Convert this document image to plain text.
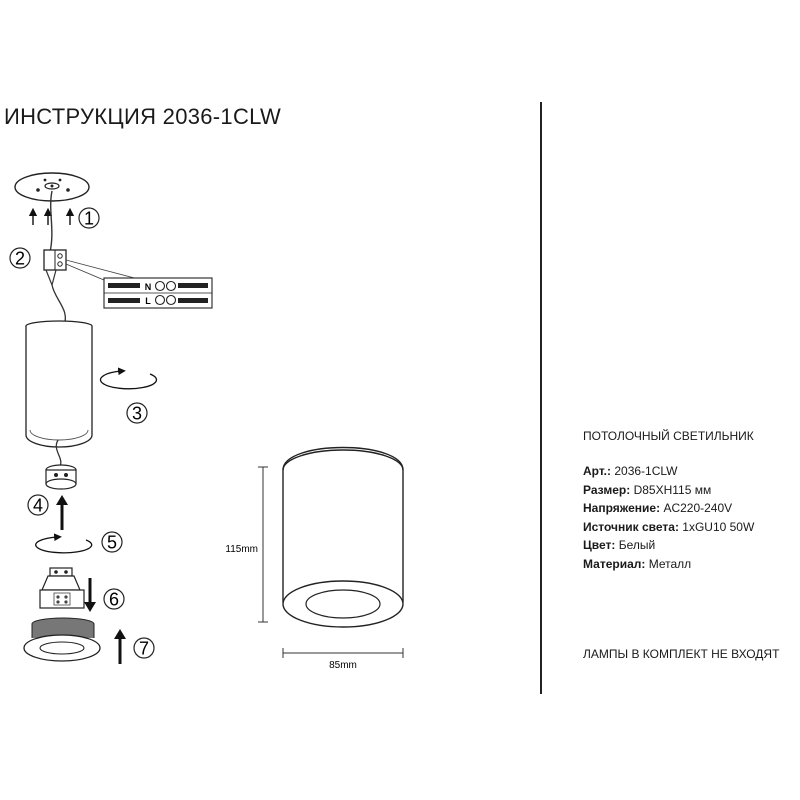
ИНСТРУКЦИЯ 2036-1CLW
1
2
N
L
3
4
5
6
7
115mm
85mm
ПОТОЛОЧНЫЙ СВЕТИЛЬНИК
Арт.: 2036-1CLW
Размер: D85XH115 мм
Напряжение: AC220-240V
Источник света: 1xGU10 50W
Цвет: Белый
Материал: Металл
ЛАМПЫ В КОМПЛЕКТ НЕ ВХОДЯТ
